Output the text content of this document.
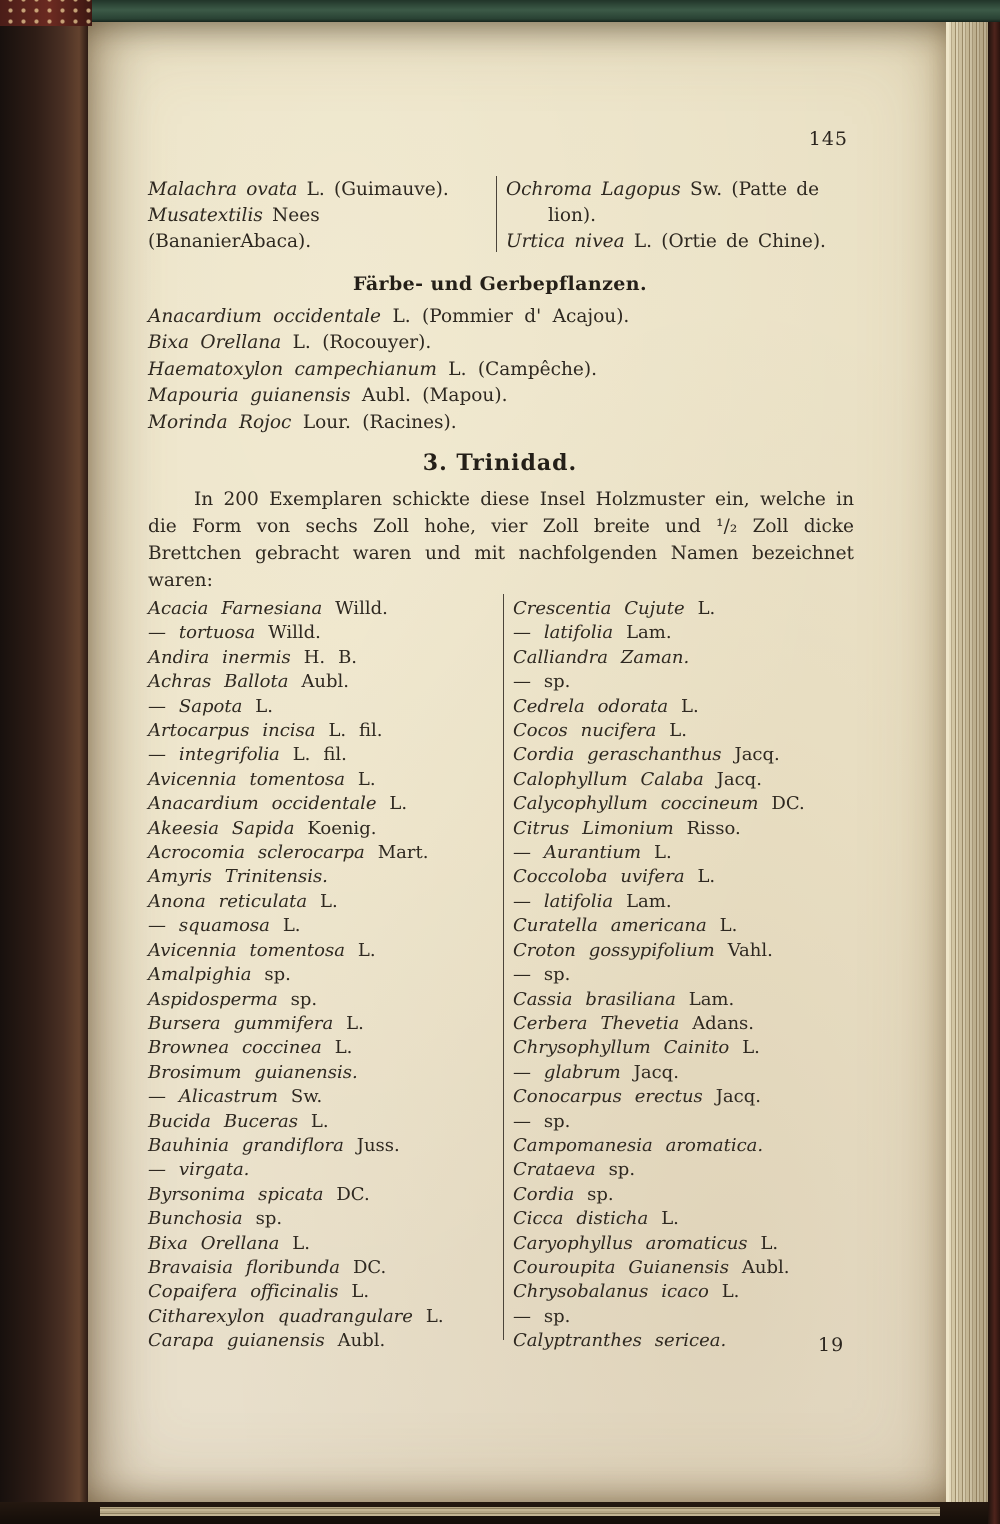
145
Malachra ovata L. (Guimauve).
Musatextilis Nees (BananierAbaca).
Ochroma Lagopus Sw. (Patte de lion).
Urtica nivea L. (Ortie de Chine).
Färbe- und Gerbepflanzen.
Anacardium occidentale L. (Pommier d' Acajou).
Bixa Orellana L. (Rocouyer).
Haematoxylon campechianum L. (Campêche).
Mapouria guianensis Aubl. (Mapou).
Morinda Rojoc Lour. (Racines).
3. Trinidad.

In 200 Exemplaren schickte diese Insel Holzmuster ein, welche in die Form von sechs Zoll hohe, vier Zoll breite und ¹/₂ Zoll dicke Brettchen gebracht waren und mit nachfolgenden Namen bezeichnet waren:

Acacia Farnesiana Willd.
— tortuosa Willd.
Andira inermis H. B.
Achras Ballota Aubl.
— Sapota L.
Artocarpus incisa L. fil.
— integrifolia L. fil.
Avicennia tomentosa L.
Anacardium occidentale L.
Akeesia Sapida Koenig.
Acrocomia sclerocarpa Mart.
Amyris Trinitensis.
Anona reticulata L.
— squamosa L.
Avicennia tomentosa L.
Amalpighia sp.
Aspidosperma sp.
Bursera gummifera L.
Brownea coccinea L.
Brosimum guianensis.
— Alicastrum Sw.
Bucida Buceras L.
Bauhinia grandiflora Juss.
— virgata.
Byrsonima spicata DC.
Bunchosia sp.
Bixa Orellana L.
Bravaisia floribunda DC.
Copaifera officinalis L.
Citharexylon quadrangulare L.
Carapa guianensis Aubl.
Crescentia Cujute L.
— latifolia Lam.
Calliandra Zaman.
— sp.
Cedrela odorata L.
Cocos nucifera L.
Cordia geraschanthus Jacq.
Calophyllum Calaba Jacq.
Calycophyllum coccineum DC.
Citrus Limonium Risso.
— Aurantium L.
Coccoloba uvifera L.
— latifolia Lam.
Curatella americana L.
Croton gossypifolium Vahl.
— sp.
Cassia brasiliana Lam.
Cerbera Thevetia Adans.
Chrysophyllum Cainito L.
— glabrum Jacq.
Conocarpus erectus Jacq.
— sp.
Campomanesia aromatica.
Crataeva sp.
Cordia sp.
Cicca disticha L.
Caryophyllus aromaticus L.
Couroupita Guianensis Aubl.
Chrysobalanus icaco L.
— sp.
Calyptranthes sericea.	19
